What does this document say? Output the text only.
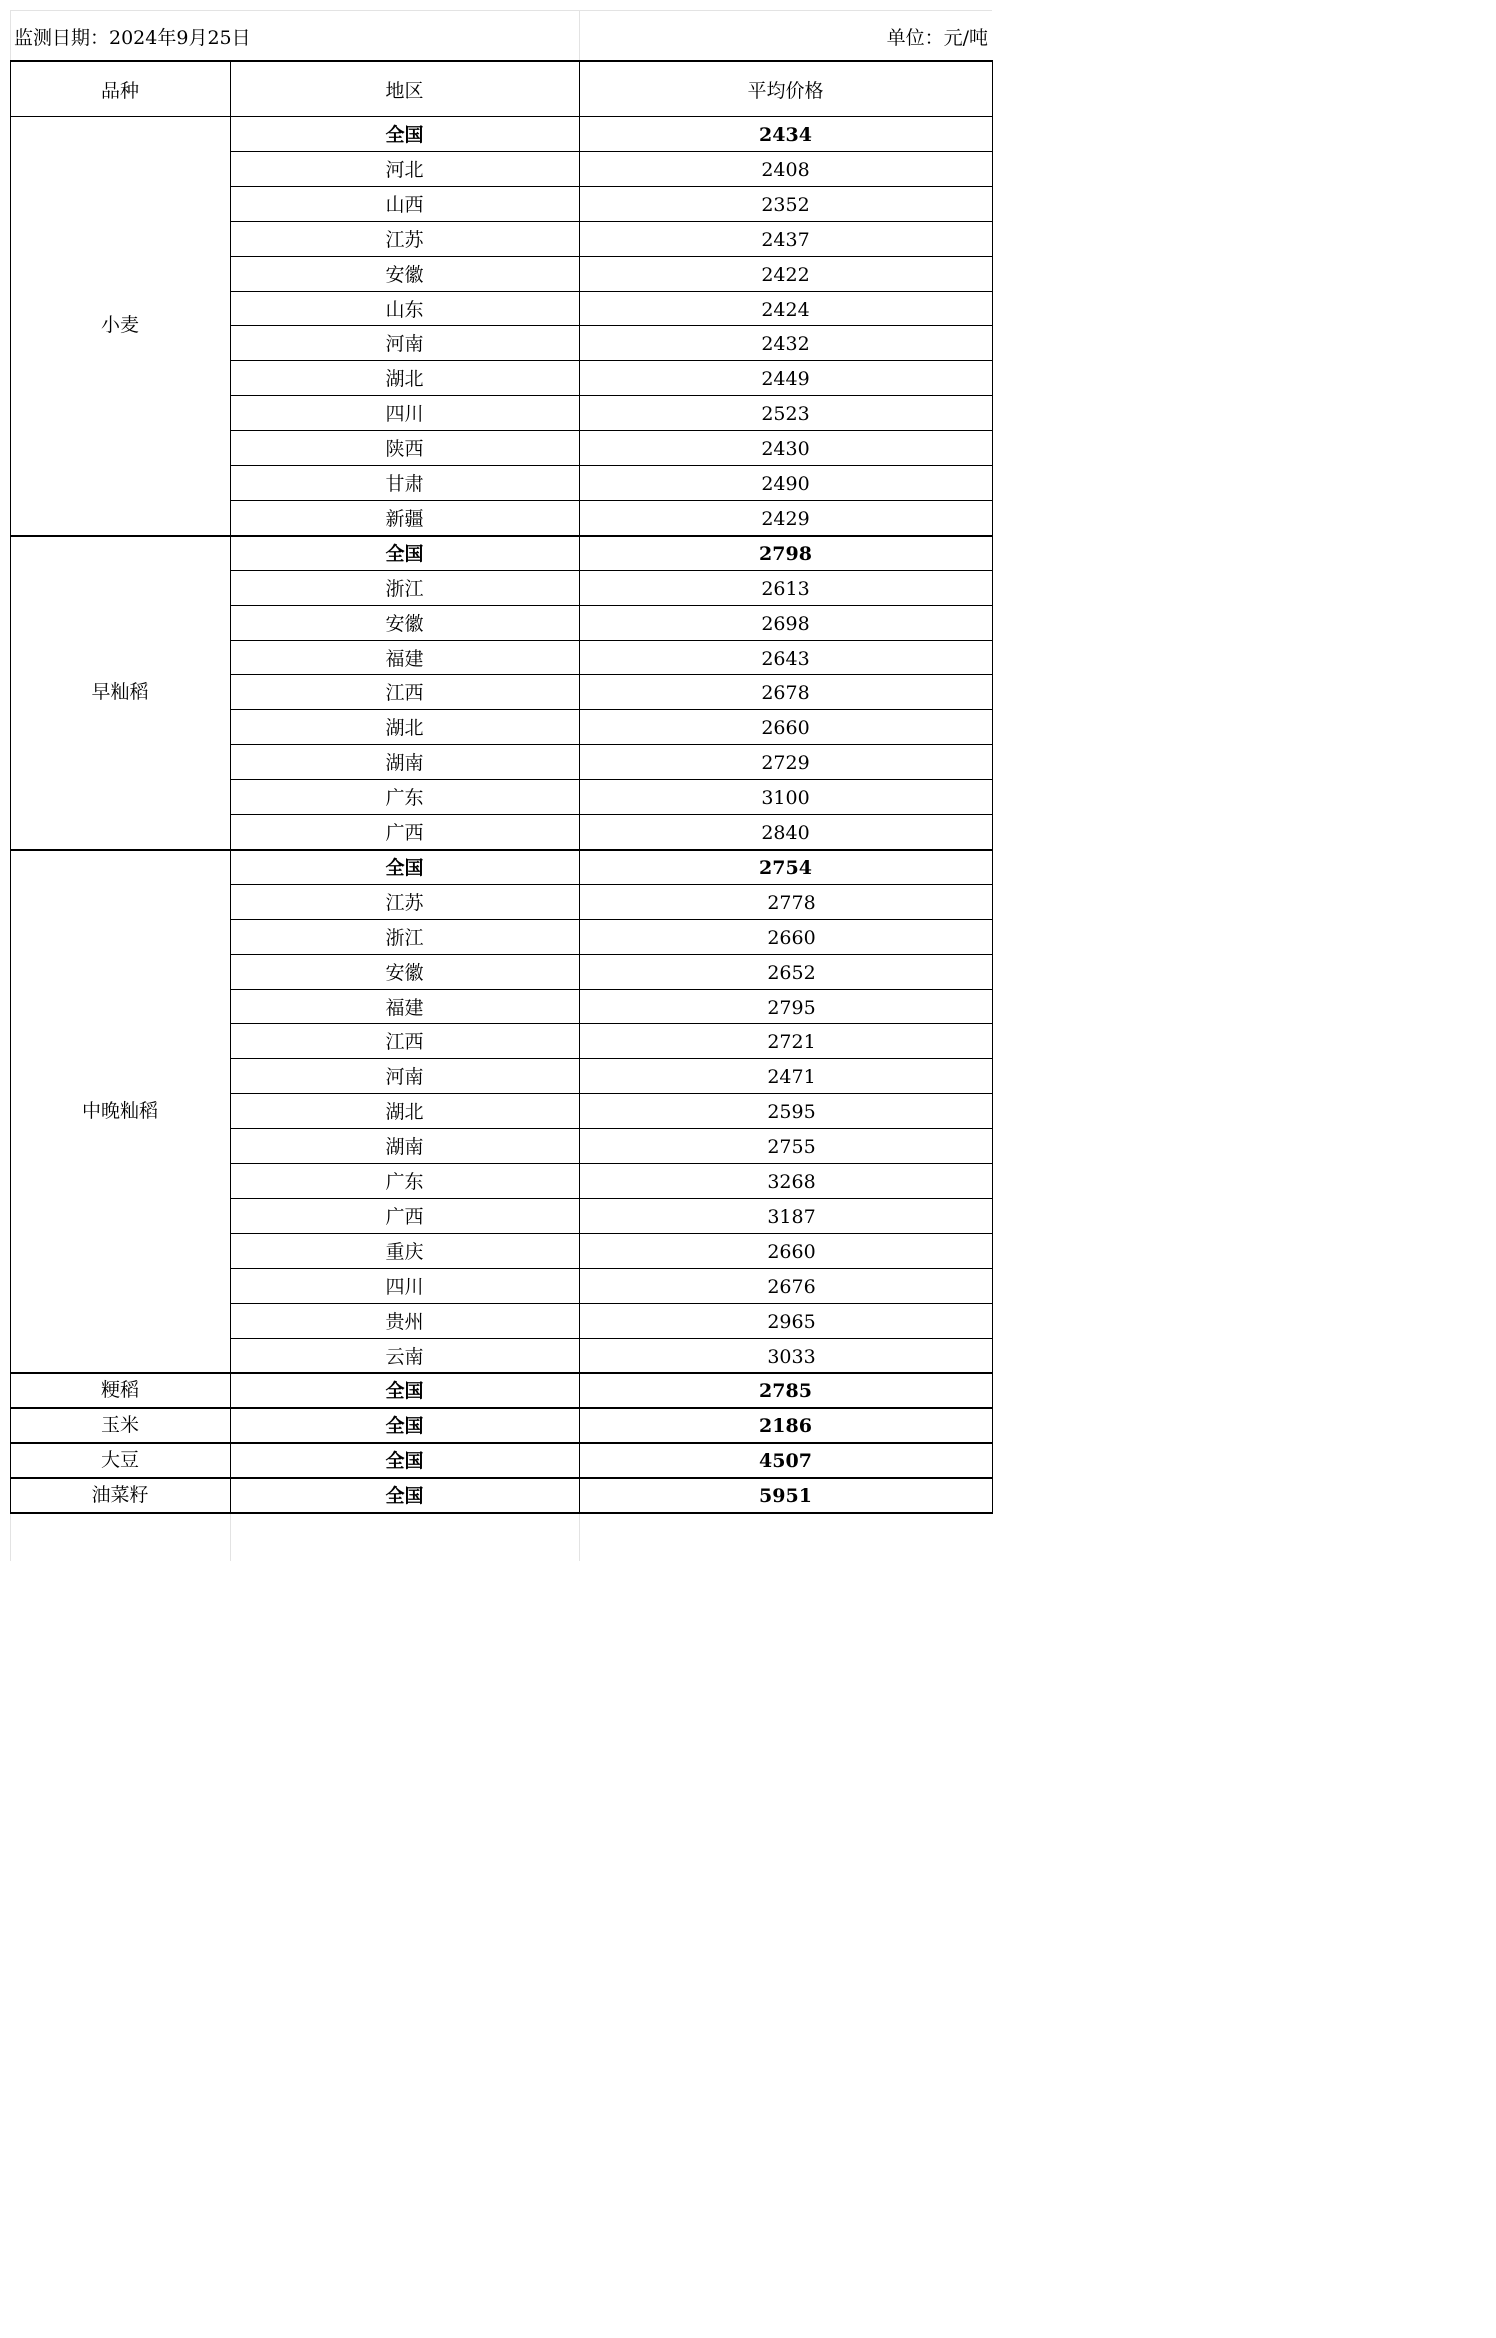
监测日期：2024年9月25日	单位：元/吨
品种	地区	平均价格
小麦
全国	2434
河北	2408
山西	2352
江苏	2437
安徽	2422
山东	2424
河南	2432
湖北	2449
四川	2523
陕西	2430
甘肃	2490
新疆	2429
早籼稻
全国	2798
浙江	2613
安徽	2698
福建	2643
江西	2678
湖北	2660
湖南	2729
广东	3100
广西	2840
中晚籼稻
全国	2754
江苏	2778
浙江	2660
安徽	2652
福建	2795
江西	2721
河南	2471
湖北	2595
湖南	2755
广东	3268
广西	3187
重庆	2660
四川	2676
贵州	2965
云南	3033
粳稻	全国	2785
玉米	全国	2186
大豆	全国	4507
油菜籽	全国	5951
